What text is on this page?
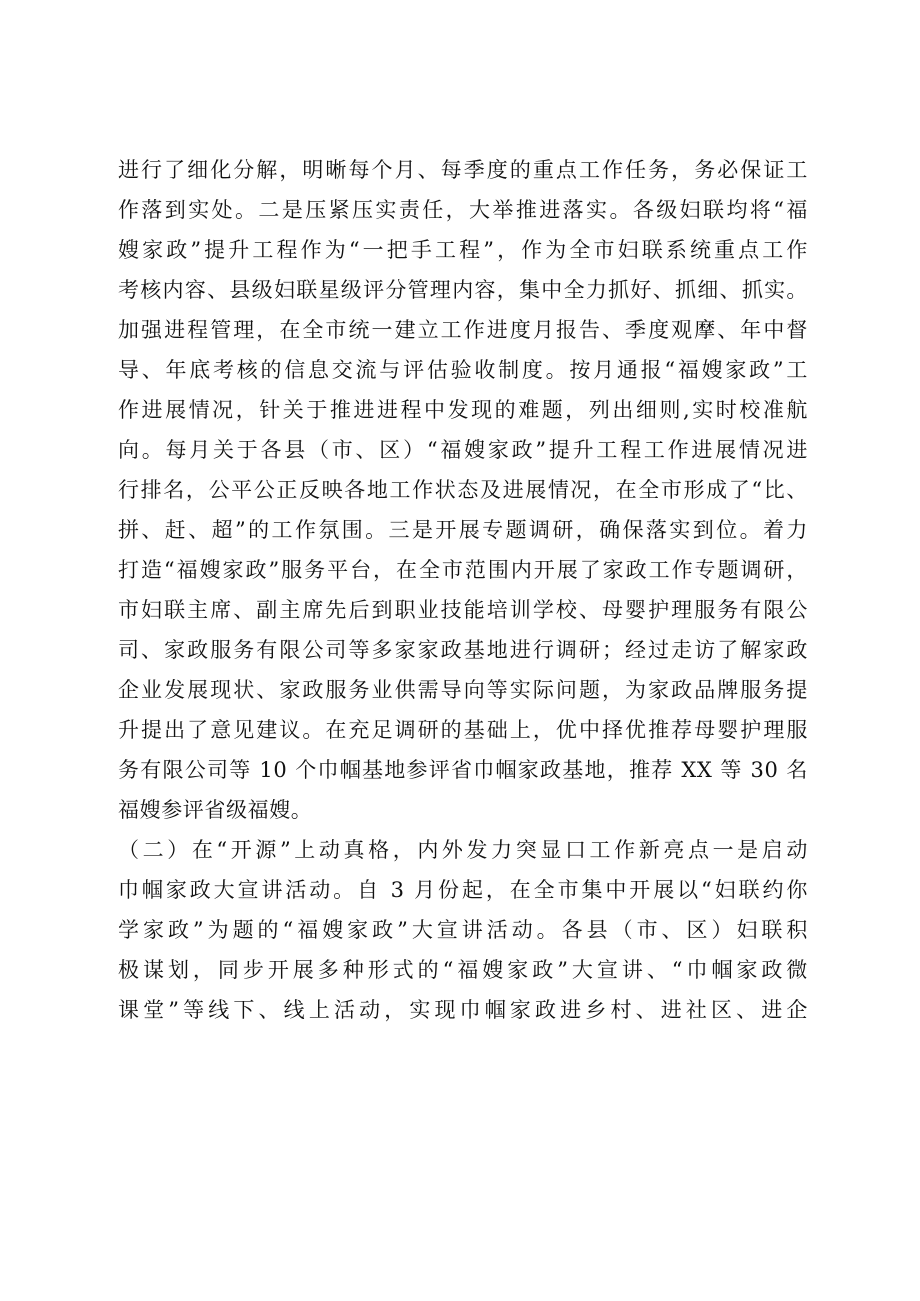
进行了细化分解，明晰每个月、每季度的重点工作任务，务必保证工
作落到实处。二是压紧压实责任，大举推进落实。各级妇联均将“福
嫂家政”提升工程作为“一把手工程”，作为全市妇联系统重点工作
考核内容、县级妇联星级评分管理内容，集中全力抓好、抓细、抓实。
加强进程管理，在全市统一建立工作进度月报告、季度观摩、年中督
导、年底考核的信息交流与评估验收制度。按月通报“福嫂家政”工
作进展情况，针关于推进进程中发现的难题，列出细则,实时校准航
向。每月关于各县（市、区）“福嫂家政”提升工程工作进展情况进
行排名，公平公正反映各地工作状态及进展情况，在全市形成了“比、
拼、赶、超”的工作氛围。三是开展专题调研，确保落实到位。着力
打造“福嫂家政”服务平台，在全市范围内开展了家政工作专题调研，
市妇联主席、副主席先后到职业技能培训学校、母婴护理服务有限公
司、家政服务有限公司等多家家政基地进行调研；经过走访了解家政
企业发展现状、家政服务业供需导向等实际问题，为家政品牌服务提
升提出了意见建议。在充足调研的基础上，优中择优推荐母婴护理服
务有限公司等 10 个巾帼基地参评省巾帼家政基地，推荐 XX 等 30 名
福嫂参评省级福嫂。
（二）在“开源”上动真格，内外发力突显口工作新亮点一是启动
巾帼家政大宣讲活动。自 3 月份起，在全市集中开展以“妇联约你
学家政”为题的“福嫂家政”大宣讲活动。各县（市、区）妇联积
极谋划，同步开展多种形式的“福嫂家政”大宣讲、“巾帼家政微
课堂”等线下、线上活动，实现巾帼家政进乡村、进社区、进企
